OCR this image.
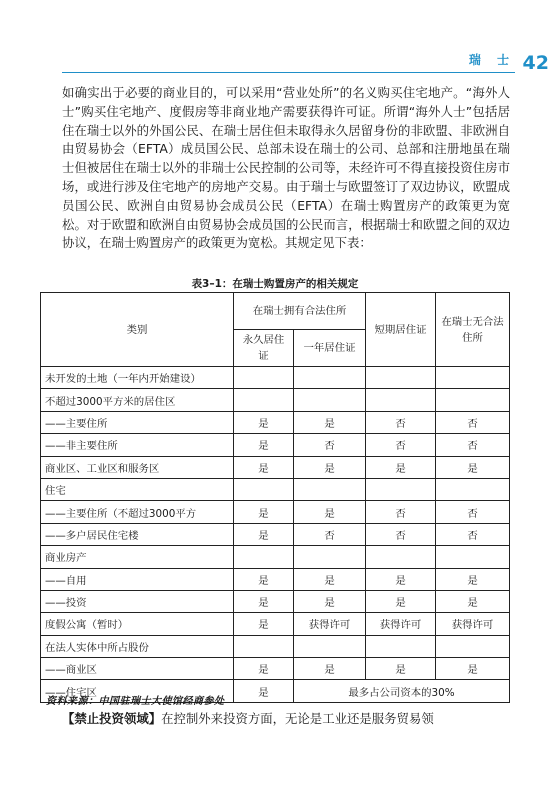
瑞 士 42
如确实出于必要的商业目的，可以采用“营业处所”的名义购买住宅地产。“海外人士”购买住宅地产、度假房等非商业地产需要获得许可证。所谓“海外人士”包括居住在瑞士以外的外国公民、在瑞士居住但未取得永久居留身份的非欧盟、非欧洲自由贸易协会（EFTA）成员国公民、总部未设在瑞士的公司、总部和注册地虽在瑞士但被居住在瑞士以外的非瑞士公民控制的公司等，未经许可不得直接投资住房市场，或进行涉及住宅地产的房地产交易。由于瑞士与欧盟签订了双边协议，欧盟成员国公民、欧洲自由贸易协会成员公民（EFTA）在瑞士购置房产的政策更为宽松。对于欧盟和欧洲自由贸易协会成员国的公民而言，根据瑞士和欧盟之间的双边协议，在瑞士购置房产的政策更为宽松。其规定见下表：
表3–1：在瑞士购置房产的相关规定
类别	在瑞士拥有合法住所		短期居住证	在瑞士无合法住所
	永久居住证	一年居住证		
未开发的土地（一年内开始建设）				
不超过3000平方米的居住区				
——主要住所	是	是	否	否
——非主要住所	是	否	否	否
商业区、工业区和服务区	是	是	是	是
住宅				
——主要住所（不超过3000平方	是	是	否	否
——多户居民住宅楼	是	否	否	否
商业房产				
——自用	是	是	是	是
——投资	是	是	是	是
度假公寓（暂时）	是	获得许可	获得许可	获得许可
在法人实体中所占股份				
——商业区	是	是	是	是
——住宅区	是	最多占公司资本的30%		
资料来源：中国驻瑞士大使馆经商参处
【禁止投资领域】在控制外来投资方面，无论是工业还是服务贸易领
